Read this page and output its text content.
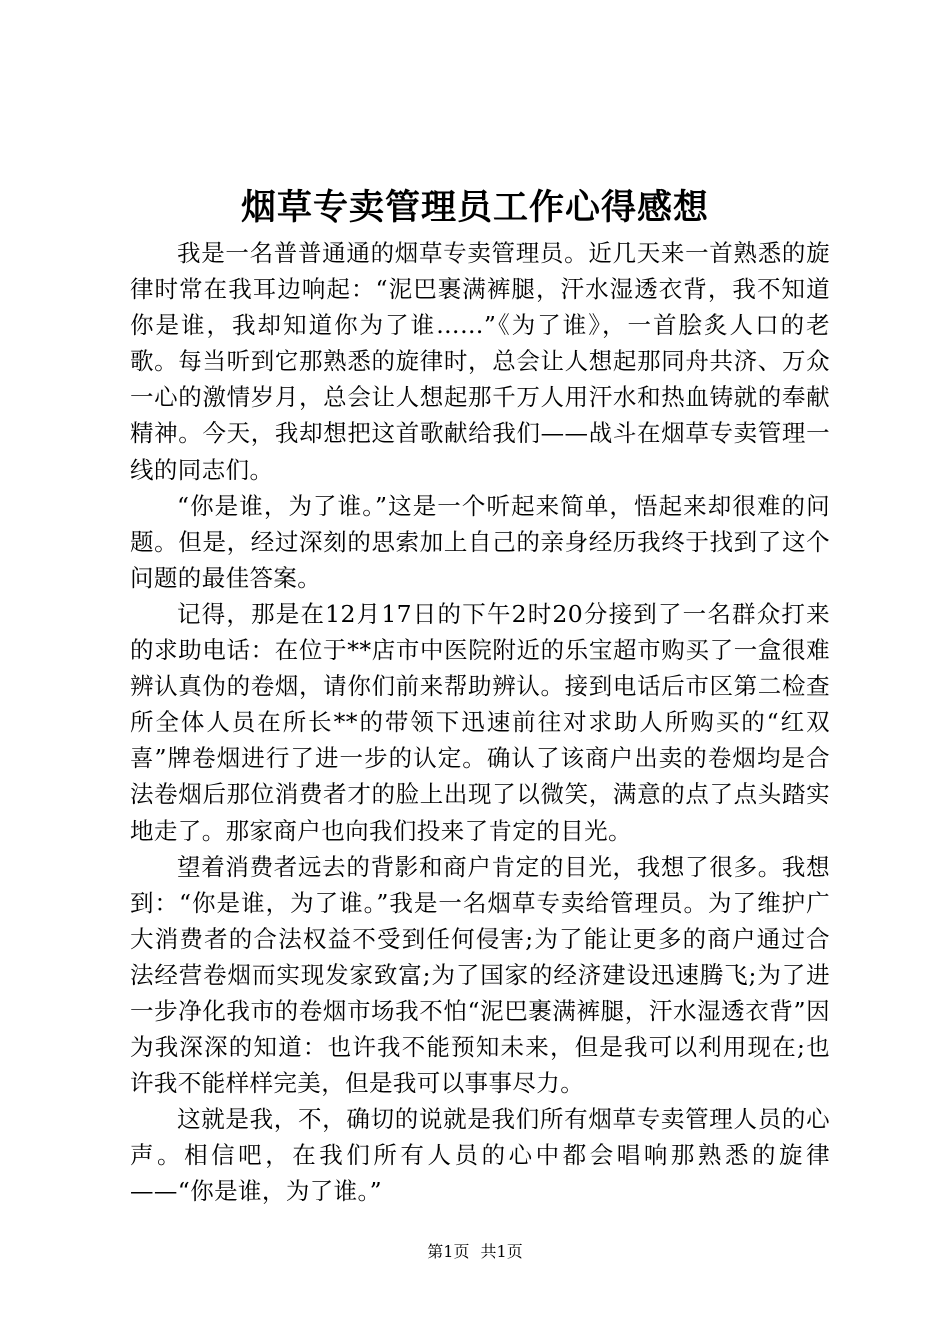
烟草专卖管理员工作心得感想

我是一名普普通通的烟草专卖管理员。近几天来一首熟悉的旋律时常在我耳边响起：“泥巴裹满裤腿，汗水湿透衣背，我不知道你是谁，我却知道你为了谁……”《为了谁》，一首脍炙人口的老歌。每当听到它那熟悉的旋律时，总会让人想起那同舟共济、万众一心的激情岁月，总会让人想起那千万人用汗水和热血铸就的奉献精神。今天，我却想把这首歌献给我们——战斗在烟草专卖管理一线的同志们。

“你是谁，为了谁。”这是一个听起来简单，悟起来却很难的问题。但是，经过深刻的思索加上自己的亲身经历我终于找到了这个问题的最佳答案。

记得，那是在12月17日的下午2时20分接到了一名群众打来的求助电话：在位于**店市中医院附近的乐宝超市购买了一盒很难辨认真伪的卷烟，请你们前来帮助辨认。接到电话后市区第二检查所全体人员在所长**的带领下迅速前往对求助人所购买的“红双喜”牌卷烟进行了进一步的认定。确认了该商户出卖的卷烟均是合法卷烟后那位消费者才的脸上出现了以微笑，满意的点了点头踏实地走了。那家商户也向我们投来了肯定的目光。

望着消费者远去的背影和商户肯定的目光，我想了很多。我想到：“你是谁，为了谁。”我是一名烟草专卖给管理员。为了维护广大消费者的合法权益不受到任何侵害;为了能让更多的商户通过合法经营卷烟而实现发家致富;为了国家的经济建设迅速腾飞;为了进一步净化我市的卷烟市场我不怕“泥巴裹满裤腿，汗水湿透衣背”因为我深深的知道：也许我不能预知未来，但是我可以利用现在;也许我不能样样完美，但是我可以事事尽力。

这就是我，不，确切的说就是我们所有烟草专卖管理人员的心声。相信吧，在我们所有人员的心中都会唱响那熟悉的旋律——“你是谁，为了谁。”

第1页 共1页
